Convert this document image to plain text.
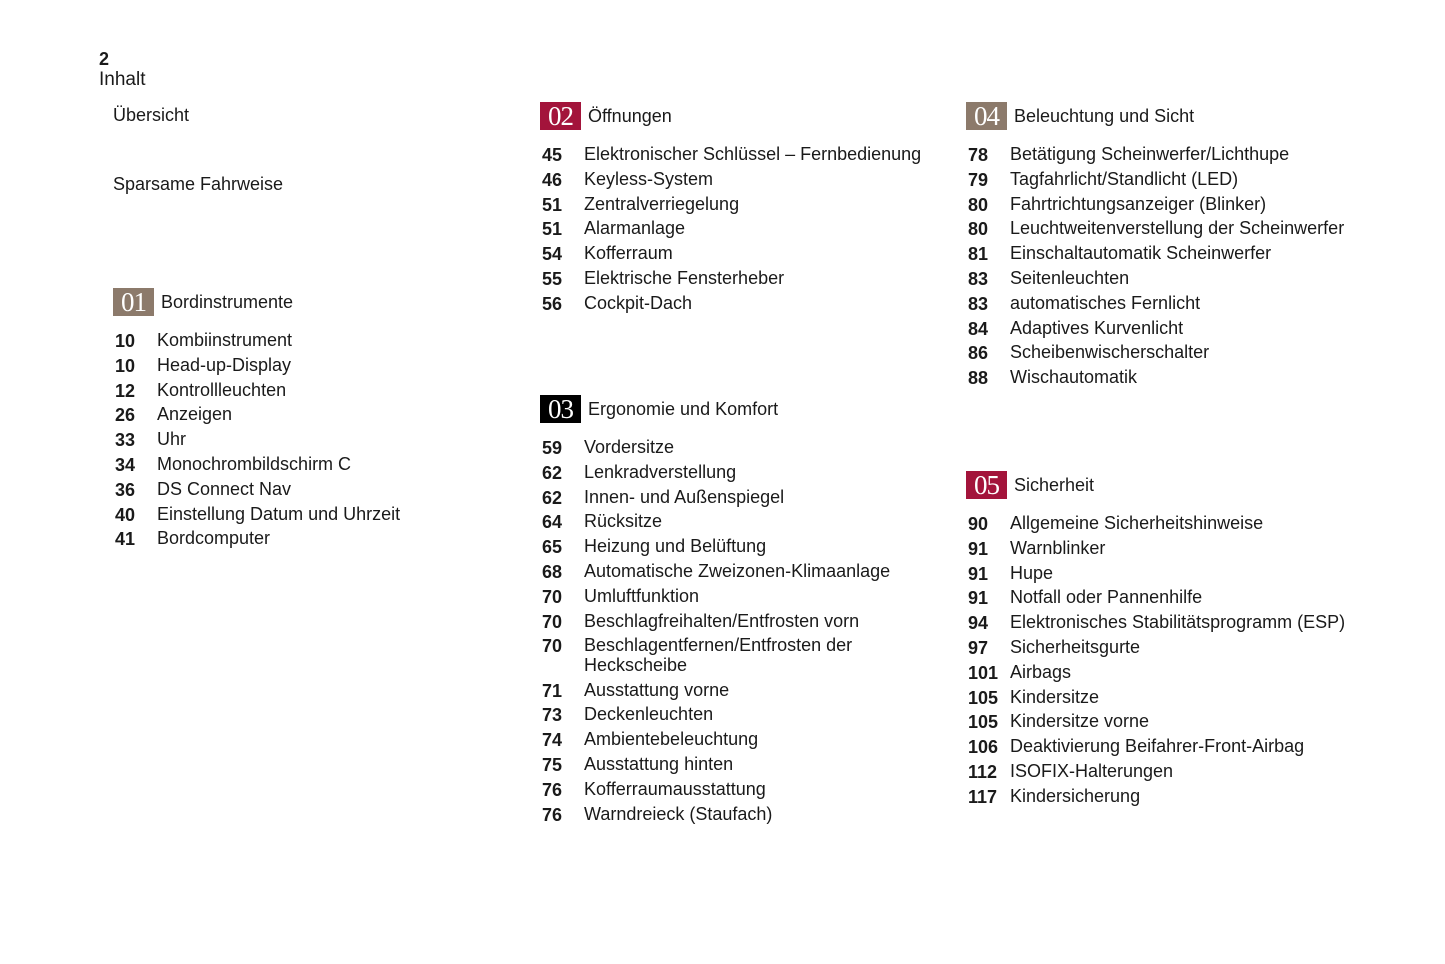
2
Inhalt
Übersicht
Sparsame Fahrweise
01 Bordinstrumente
10 Kombiinstrument
10 Head-up-Display
12 Kontrollleuchten
26 Anzeigen
33 Uhr
34 Monochrombildschirm C
36 DS Connect Nav
40 Einstellung Datum und Uhrzeit
41 Bordcomputer
02 Öffnungen
45 Elektronischer Schlüssel – Fernbedienung
46 Keyless-System
51 Zentralverriegelung
51 Alarmanlage
54 Kofferraum
55 Elektrische Fensterheber
56 Cockpit-Dach
03 Ergonomie und Komfort
59 Vordersitze
62 Lenkradverstellung
62 Innen- und Außenspiegel
64 Rücksitze
65 Heizung und Belüftung
68 Automatische Zweizonen-Klimaanlage
70 Umluftfunktion
70 Beschlagfreihalten/Entfrosten vorn
70 Beschlagentfernen/Entfrosten der Heckscheibe
71 Ausstattung vorne
73 Deckenleuchten
74 Ambientebeleuchtung
75 Ausstattung hinten
76 Kofferraumausstattung
76 Warndreieck (Staufach)
04 Beleuchtung und Sicht
78 Betätigung Scheinwerfer/Lichthupe
79 Tagfahrlicht/Standlicht (LED)
80 Fahrtrichtungsanzeiger (Blinker)
80 Leuchtweitenverstellung der Scheinwerfer
81 Einschaltautomatik Scheinwerfer
83 Seitenleuchten
83 automatisches Fernlicht
84 Adaptives Kurvenlicht
86 Scheibenwischerschalter
88 Wischautomatik
05 Sicherheit
90 Allgemeine Sicherheitshinweise
91 Warnblinker
91 Hupe
91 Notfall oder Pannenhilfe
94 Elektronisches Stabilitätsprogramm (ESP)
97 Sicherheitsgurte
101 Airbags
105 Kindersitze
105 Kindersitze vorne
106 Deaktivierung Beifahrer-Front-Airbag
112 ISOFIX-Halterungen
117 Kindersicherung
